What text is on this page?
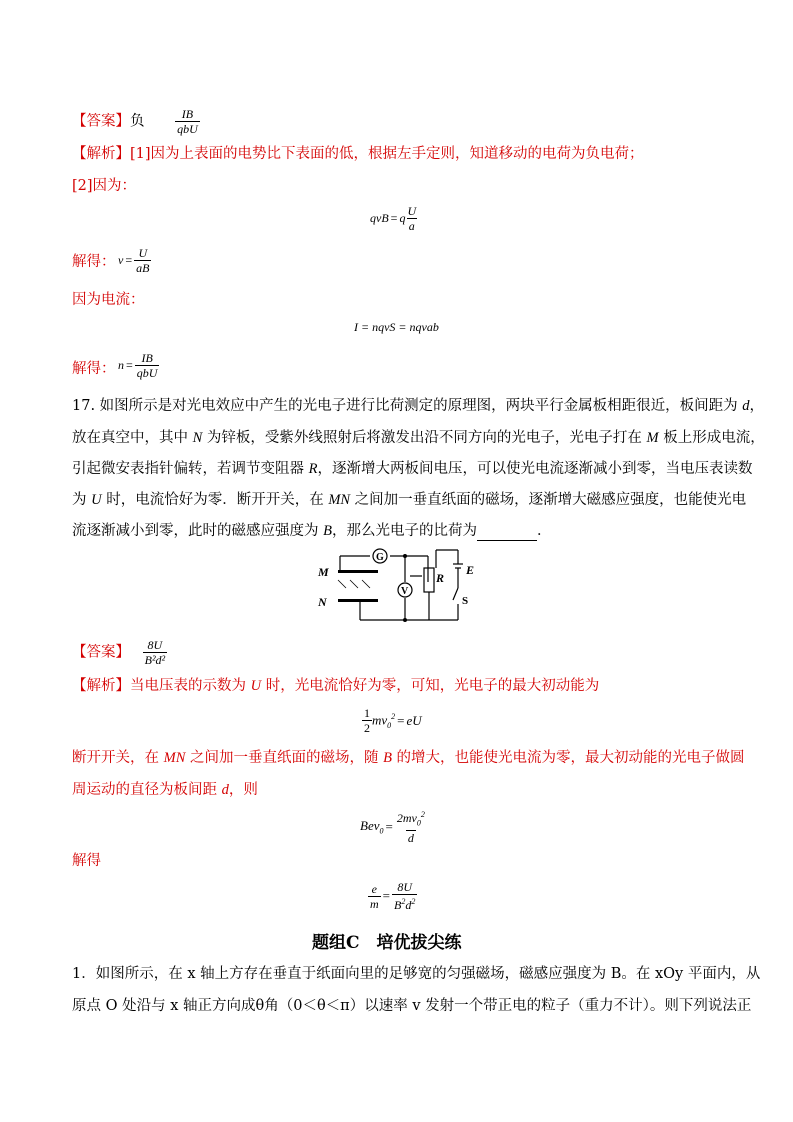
【答案】负	$\frac{IB}{\text{qbU}}$
【解析】[1]因为上表面的电势比下表面的低，根据左手定则，知道移动的电荷为负电荷；
[2]因为：
qvB = q $\frac{U}{a}$
解得： $v = \frac{U}{aB}$
因为电流：
I = nqvS = nqvab
解得： $n = \frac{IB}{\text{qbU}}$
17. 如图所示是对光电效应中产生的光电子进行比荷测定的原理图，两块平行金属板相距很近，板间距为 d，
放在真空中，其中 N 为锌板，受紫外线照射后将激发出沿不同方向的光电子，光电子打在 M 板上形成电流，
引起微安表指针偏转，若调节变阻器 R，逐渐增大两板间电压，可以使光电流逐渐减小到零，当电压表读数
为 U 时，电流恰好为零．断开开关，在 MN 之间加一垂直纸面的磁场，逐渐增大磁感应强度，也能使光电
流逐渐减小到零，此时的磁感应强度为 B，那么光电子的比荷为	．
G
V
M
N
R
E
S
【答案】 $\frac{8U}{\text{B²d²}}$
【解析】当电压表的示数为 U 时，光电流恰好为零，可知，光电子的最大初动能为
$\frac{1}{2} mv_0^2$ = eU
断开开关，在 MN 之间加一垂直纸面的磁场，随 B 的增大，也能使光电流为零，最大初动能的光电子做圆
周运动的直径为板间距 d，则
$Bev_0 = \frac{2mv_0^2}{d}$
解得
$\frac{e}{m} = \frac{8U}{B^2d^2}$
题组C　培优拔尖练
1．如图所示，在 x 轴上方存在垂直于纸面向里的足够宽的匀强磁场，磁感应强度为 B。在 xOy 平面内，从
原点 O 处沿与 x 轴正方向成θ角（0＜θ＜π）以速率 v 发射一个带正电的粒子（重力不计）。则下列说法正
